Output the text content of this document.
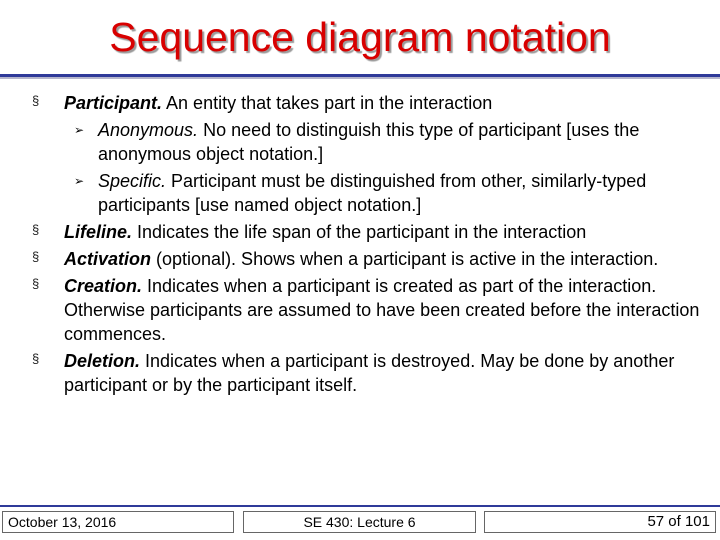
Sequence diagram notation
§ Participant. An entity that takes part in the interaction
➢ Anonymous. No need to distinguish this type of participant [uses the anonymous object notation.]
➢ Specific. Participant must be distinguished from other, similarly-typed participants [use named object notation.]
§ Lifeline. Indicates the life span of the participant in the interaction
§ Activation (optional). Shows when a participant is active in the interaction.
§ Creation. Indicates when a participant is created as part of the interaction. Otherwise participants are assumed to have been created before the interaction commences.
§ Deletion. Indicates when a participant is destroyed. May be done by another participant or by the participant itself.
October 13, 2016	SE 430: Lecture 6	57 of 101
